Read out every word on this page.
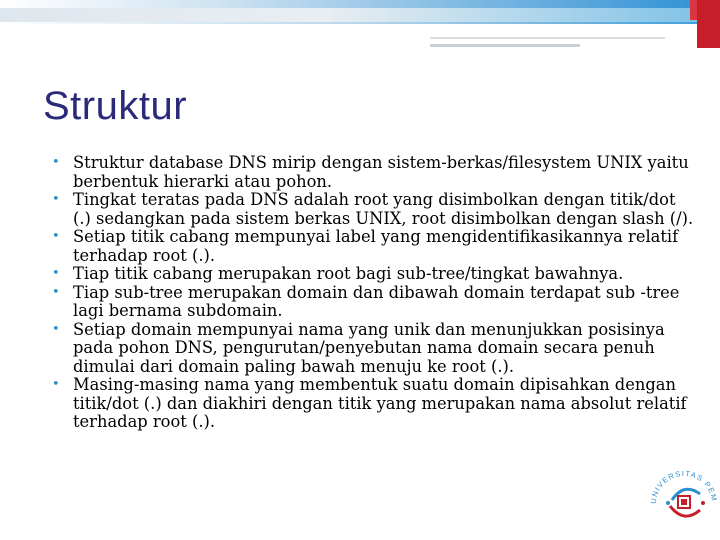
Struktur
• Struktur database DNS mirip dengan sistem-berkas/filesystem UNIX yaitu berbentuk hierarki atau pohon.
• Tingkat teratas pada DNS adalah root yang disimbolkan dengan titik/dot (.) sedangkan pada sistem berkas UNIX, root disimbolkan dengan slash (/).
• Setiap titik cabang mempunyai label yang mengidentifikasikannya relatif terhadap root (.).
• Tiap titik cabang merupakan root bagi sub-tree/tingkat bawahnya.
• Tiap sub-tree merupakan domain dan dibawah domain terdapat sub -tree lagi bernama subdomain.
• Setiap domain mempunyai nama yang unik dan menunjukkan posisinya pada pohon DNS, pengurutan/penyebutan nama domain secara penuh dimulai dari domain paling bawah menuju ke root (.).
• Masing-masing nama yang membentuk suatu domain dipisahkan dengan titik/dot (.) dan diakhiri dengan titik yang merupakan nama absolut relatif terhadap root (.).
UNIVERSITAS PEM
